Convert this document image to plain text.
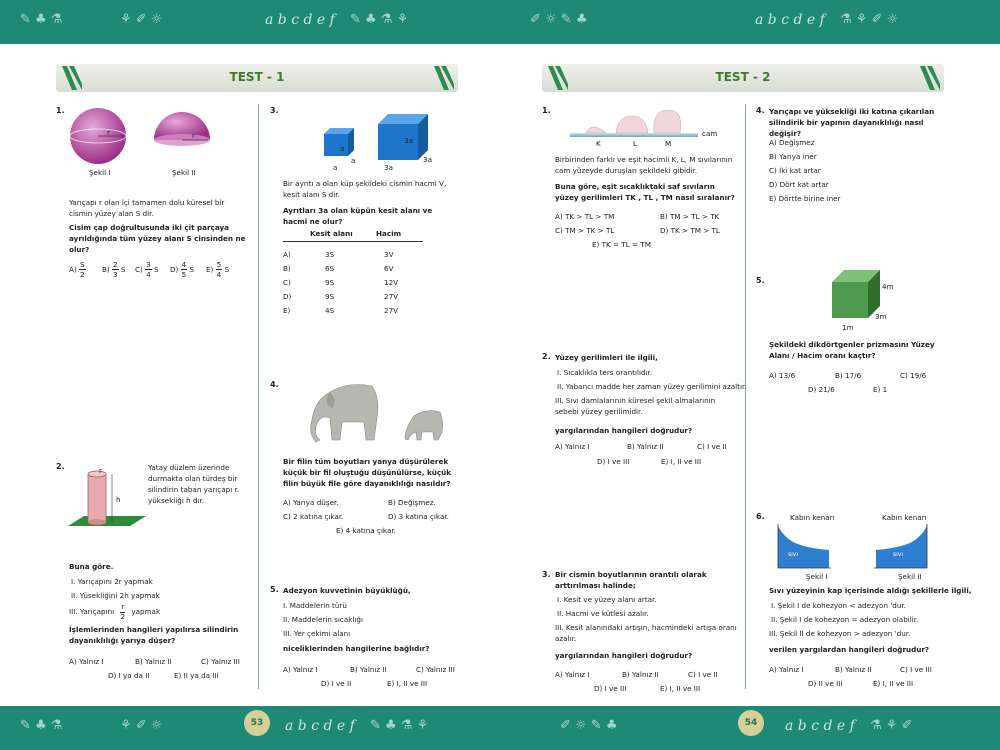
✎ ♣ ⚗	⚘ ✐ ☼	a b c d e f ✎ ♣ ⚗ ⚘	✐ ☼ ✎ ♣	a b c d e f ⚗ ⚘ ✐ ☼
✎ ♣ ⚗	⚘ ✐ ☼	a b c d e f ✎ ♣ ⚗ ⚘	✐ ☼ ✎ ♣	a b c d e f ⚗ ⚘ ✐
53	54
TEST - 1	TEST - 2
1.
r	r
Şekil I	Şekil II
Yarıçapı r olan içi tamamen dolu küresel bir cismin yüzey alan S dir.
Cisim çap doğrultusunda iki çit parçaya ayrıldığında tüm yüzey alanı S cinsinden ne olur?
$A) \frac{S}{2} B) \frac{2}{3}$ S $C) \frac{3}{4}$ S $D) \frac{4}{5}$ S $E) \frac{5}{4}$ S
2.	r
h
Yatay düzlem üzerinde durmakta olan türdeş bir silindirin taban yarıçapı r. yüksekliği h dır.
Buna göre.
I. Yarıçapını 2r yapmak
II. Yüsekliğini 2h yapmak
III. Yarıçapını $\frac{r}{2}$ yapmak
İşlemlerinden hangileri yapılırsa silindirin dayanıklılığı yarıya düşer?
A) Yalnız I	B) Yalnız II	C) Yalnız III
D) I ya da II	E) II ya da III
3.
a
a
a
3a
3a
3a
Bir ayrıtı a olan küp şekildeki cismin hacmi V, kesit alanı S dir.
Ayrıtları 3a olan küpün kesit alanı ve hacmi ne olur?
Kesit alanı	Hacim
A)	3S	3V
B)	6S	6V
C)	9S	12V
D)	9S	27V
E)	4S	27V
4.
Bir filin tüm boyutları yanya düşürülerek küçük bir fil oluştuğu düşünülürse, küçük filin büyük file göre dayanıklılığı nasıldır?
A) Yarıya düşer.	B) Değişmez.
C) 2 katına çıkar.	D) 3 katına çıkar.
E) 4 katına çıkar.
5. Adezyon kuvvetinin büyüklüğü,
I. Maddelerin türü
II. Maddelerin sıcaklığı
III. Yer çekimi alanı
niceliklerinden hangilerine bağlıdır?
A) Yalnız I	B) Yalnız II	C) Yalnız III
D) I ve II	E) I, II ve III
1.
K	L	M
cam
Birbirinden farklı ve eşit hacimli K, L, M sıvılarının cam yüzeyde duruşları şekildeki gibidir.
Buna göre, eşit sıcaklıktaki saf sıvıların yüzey gerilimleri TK , TL , TM nasıl sıralanır?
A) TK > TL > TM	B) TM > TL > TK
C) TM > TK > TL	D) TK > TM > TL
E) TK = TL = TM
2. Yüzey gerilimleri ile ilgili,
I. Sıcaklıkla ters orantılıdır.
II. Yabancı madde her zaman yüzey gerilimini azaltır.
III. Sıvı damlalarının küresel şekil almalarının sebebi yüzey gerilimidir.
yargılarından hangileri doğrudur?
A) Yalnız I	B) Yalnız II	C) I ve II
D) I ve III	E) I, II ve III
3. Bir cismin boyutlarının orantılı olarak arttırılması halinde;
I. Kesit ve yüzey alanı artar.
II. Hacmi ve kütlesi azalır.
III. Kesit alanındaki artışın, hacmindeki artışa oranı azalır.
yargılarından hangileri doğrudur?
A) Yalnız I	B) Yalnız II	C) I ve II
D) I ve III	E) I, II ve III
4. Yarıçapı ve yüksekliği iki katına çıkarılan silindirik bir yapının dayanıklılığı nasıl değişir?
A) Değişmez
B) Yarıya iner
C) İki kat artar
D) Dört kat artar
E) Dörtte birine iner
5.
4m
3m
1m
Şekildeki dikdörtgenler prizmasını Yüzey Alanı / Hacim oranı kaçtır?
A) 13/6	B) 17/6	C) 19/6
D) 21/6	E) 1
6.	Kabın kenarı	Kabın kenarı
sıvı	sıvı
Şekil I	Şekil II
Sıvı yüzeyinin kap içerisinde aldığı şekillerle ilgili,
I. Şekil I de kohezyon < adezyon 'dur.
II. Şekil I de kohezyon = adezyon olabilir.
III. Şekil II de kohezyon > adezyon 'dur.
verilen yargılardan hangileri doğrudur?
A) Yalnız I	B) Yalnız II	C) I ve III
D) II ve III	E) I, II ve III
